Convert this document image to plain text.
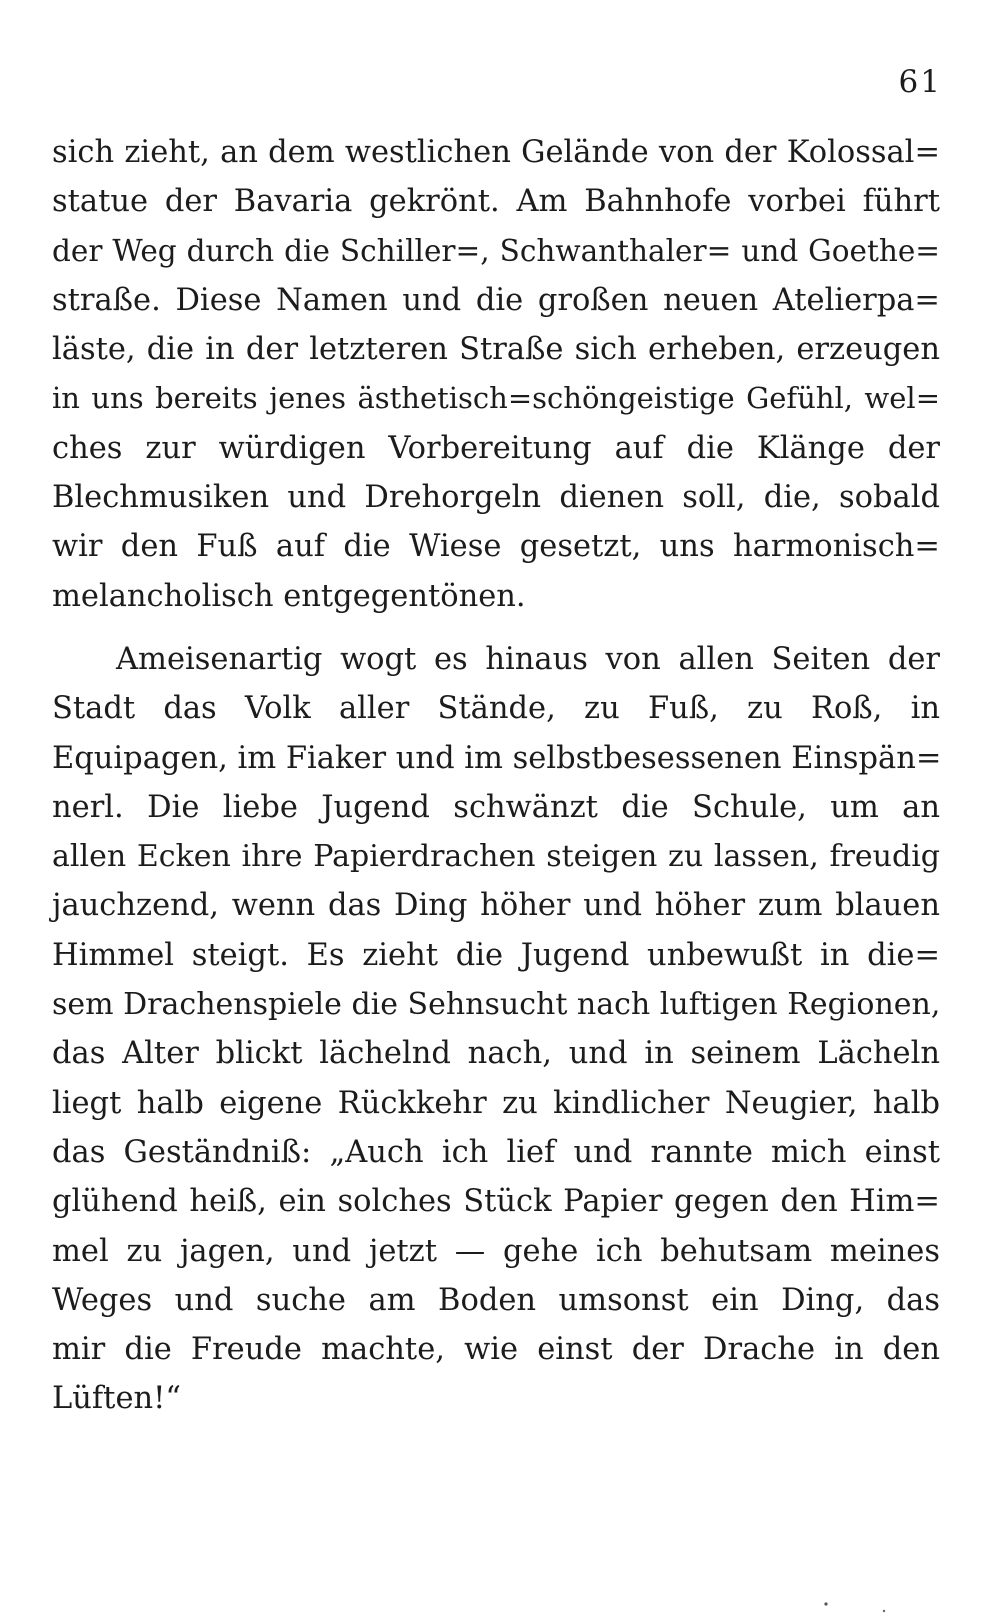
61
sich zieht, an dem westlichen Gelände von der Kolossal=
statue der Bavaria gekrönt. Am Bahnhofe vorbei führt
der Weg durch die Schiller=, Schwanthaler= und Goethe=
straße. Diese Namen und die großen neuen Atelierpa=
läste, die in der letzteren Straße sich erheben, erzeugen
in uns bereits jenes ästhetisch=schöngeistige Gefühl, wel=
ches zur würdigen Vorbereitung auf die Klänge der
Blechmusiken und Drehorgeln dienen soll, die, sobald
wir den Fuß auf die Wiese gesetzt, uns harmonisch=
melancholisch entgegentönen.
Ameisenartig wogt es hinaus von allen Seiten der
Stadt das Volk aller Stände, zu Fuß, zu Roß, in
Equipagen, im Fiaker und im selbstbesessenen Einspän=
nerl. Die liebe Jugend schwänzt die Schule, um an
allen Ecken ihre Papierdrachen steigen zu lassen, freudig
jauchzend, wenn das Ding höher und höher zum blauen
Himmel steigt. Es zieht die Jugend unbewußt in die=
sem Drachenspiele die Sehnsucht nach luftigen Regionen,
das Alter blickt lächelnd nach, und in seinem Lächeln
liegt halb eigene Rückkehr zu kindlicher Neugier, halb
das Geständniß: „Auch ich lief und rannte mich einst
glühend heiß, ein solches Stück Papier gegen den Him=
mel zu jagen, und jetzt — gehe ich behutsam meines
Weges und suche am Boden umsonst ein Ding, das
mir die Freude machte, wie einst der Drache in den
Lüften!“
